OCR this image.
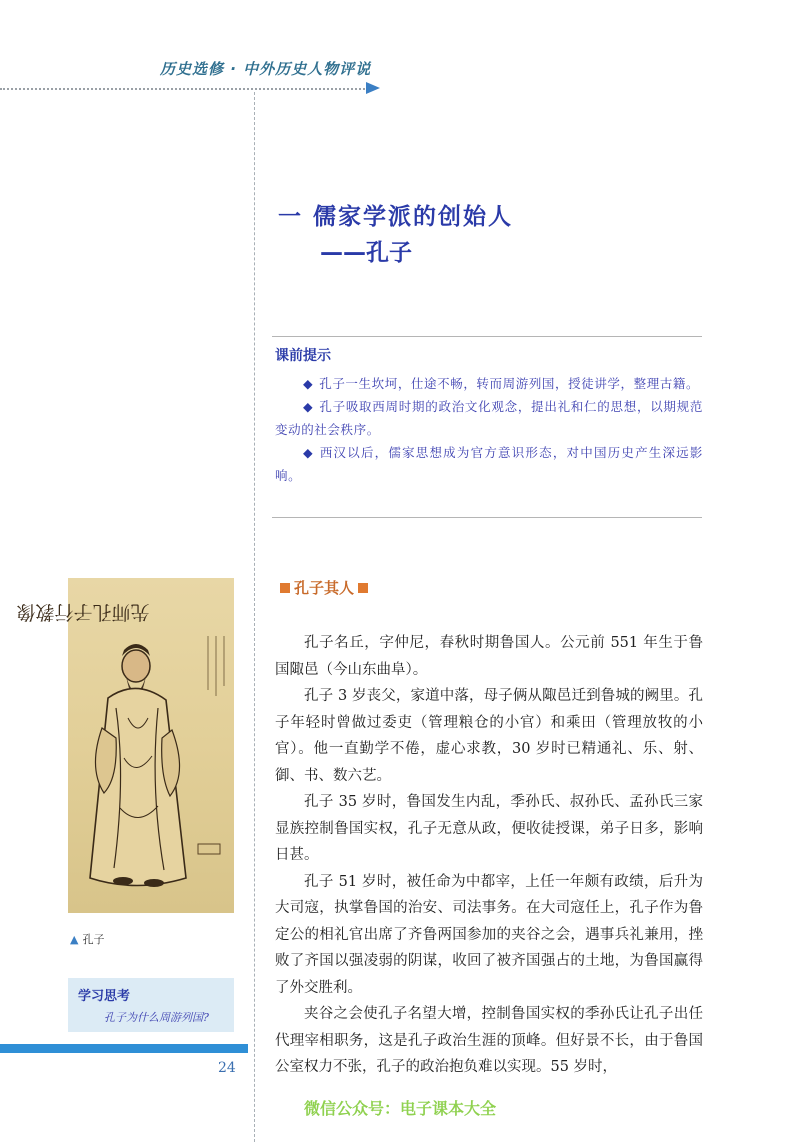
历史选修 · 中外历史人物评说
一 儒家学派的创始人
——孔子
课前提示
◆ 孔子一生坎坷，仕途不畅，转而周游列国，授徒讲学，整理古籍。
◆ 孔子吸取西周时期的政治文化观念，提出礼和仁的思想，以期规范变动的社会秩序。
◆ 西汉以后，儒家思想成为官方意识形态，对中国历史产生深远影响。
孔子其人

孔子名丘，字仲尼，春秋时期鲁国人。公元前 551 年生于鲁国陬邑（今山东曲阜）。

孔子 3 岁丧父，家道中落，母子俩从陬邑迁到鲁城的阙里。孔子年轻时曾做过委吏（管理粮仓的小官）和乘田（管理放牧的小官）。他一直勤学不倦，虚心求教，30 岁时已精通礼、乐、射、御、书、数六艺。

孔子 35 岁时，鲁国发生内乱，季孙氏、叔孙氏、孟孙氏三家显族控制鲁国实权，孔子无意从政，便收徒授课，弟子日多，影响日甚。

孔子 51 岁时，被任命为中都宰，上任一年颇有政绩，后升为大司寇，执掌鲁国的治安、司法事务。在大司寇任上，孔子作为鲁定公的相礼官出席了齐鲁两国参加的夹谷之会，遇事兵礼兼用，挫败了齐国以强凌弱的阴谋，收回了被齐国强占的土地，为鲁国赢得了外交胜利。

夹谷之会使孔子名望大增，控制鲁国实权的季孙氏让孔子出任代理宰相职务，这是孔子政治生涯的顶峰。但好景不长，由于鲁国公室权力不张，孔子的政治抱负难以实现。55 岁时，

先师孔子行教像
▲ 孔子
学习思考
孔子为什么周游列国?
24
微信公众号：电子课本大全
